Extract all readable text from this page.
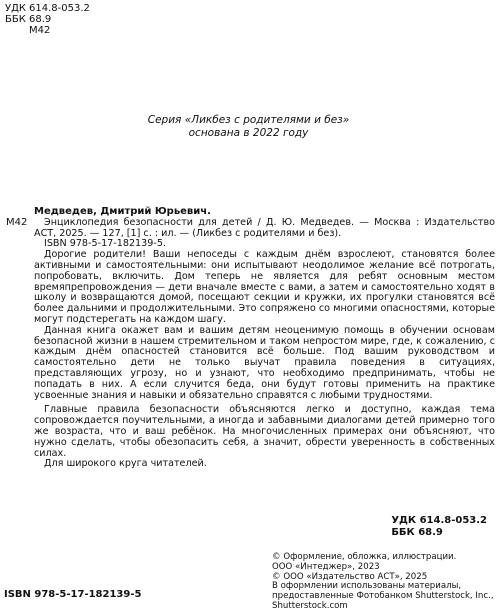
УДК 614.8-053.2
ББК 68.9
М42
Серия «Ликбез с родителями и без»
основана в 2022 году
М42

Медведев, Дмитрий Юрьевич.

Энциклопедия безопасности для детей / Д. Ю. Медведев. — Москва : Издательство АСТ, 2025. — 127, [1] с. : ил. — (Ликбез с родителями и без).

ISBN 978-5-17-182139-5.

Дорогие родители! Ваши непоседы с каждым днём взрослеют, становятся более активными и самостоятельными: они испытывают неодолимое желание всё потрогать, попробовать, включить. Дом теперь не является для ребят основным местом времяпрепровождения — дети вначале вместе с вами, а затем и самостоятельно ходят в школу и возвращаются домой, посещают секции и кружки, их прогулки становятся всё более дальними и продолжительными. Это сопряжено со многими опасностями, которые могут подстерегать на каждом шагу.

Данная книга окажет вам и вашим детям неоценимую помощь в обучении основам безопасной жизни в нашем стремительном и таком непростом мире, где, к сожалению, с каждым днём опасностей становится всё больше. Под вашим руководством и самостоятельно дети не только выучат правила поведения в ситуациях, представляющих угрозу, но и узнают, что необходимо предпринимать, чтобы не попадать в них. А если случится беда, они будут готовы применить на практике усвоенные знания и навыки и обязательно справятся с любыми трудностями.

Главные правила безопасности объясняются легко и доступно, каждая тема сопровождается поучительными, а иногда и забавными диалогами детей примерно того же возраста, что и ваш ребёнок. На многочисленных примерах они объясняют, что нужно сделать, чтобы обезопасить себя, а значит, обрести уверенность в собственных силах.

Для широкого круга читателей.

УДК 614.8-053.2
ББК 68.9
© Оформление, обложка, иллюстрации.
ООО «Интеджер», 2023
© ООО «Издательство АСТ», 2025
В оформлении использованы материалы, предоставленные Фотобанком Shutterstock, Inc., Shutterstock.com
ISBN 978-5-17-182139-5
